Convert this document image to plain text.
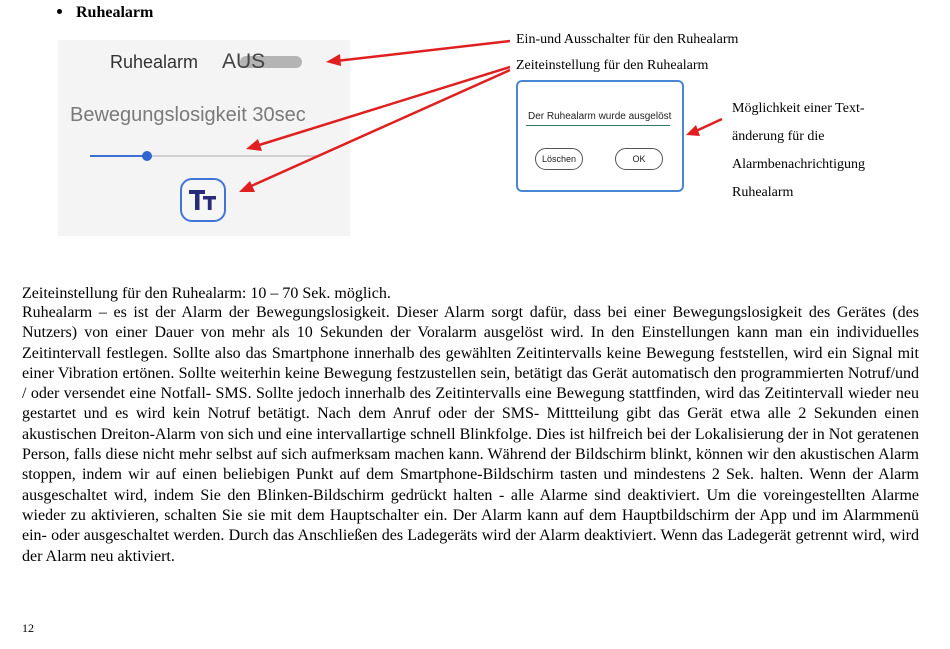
Ruhealarm
Ruhealarm AUS
Bewegungslosigkeit 30sec	Der Ruhealarm wurde ausgelöst
Löschen	OK
Ein-und Ausschalter für den Ruhealarm
Zeiteinstellung für den Ruhealarm
Möglichkeit einer Text-
änderung für die
Alarmbenachrichtigung
Ruhealarm
Zeiteinstellung für den Ruhealarm: 10 – 70 Sek. möglich.
Ruhealarm – es ist der Alarm der Bewegungslosigkeit. Dieser Alarm sorgt dafür, dass bei einer Bewegungslosigkeit des Gerätes (des Nutzers) von einer Dauer von mehr als 10 Sekunden der Voralarm ausgelöst wird. In den Einstellungen kann man ein individuelles Zeitintervall festlegen. Sollte also das Smartphone innerhalb des gewählten Zeitintervalls keine Bewegung feststellen, wird ein Signal mit einer Vibration ertönen. Sollte weiterhin keine Bewegung festzustellen sein, betätigt das Gerät automatisch den programmierten Notruf/und / oder versendet eine Notfall- SMS. Sollte jedoch innerhalb des Zeitintervalls eine Bewegung stattfinden, wird das Zeitintervall wieder neu gestartet und es wird kein Notruf betätigt. Nach dem Anruf oder der SMS- Mittteilung gibt das Gerät etwa alle 2 Sekunden einen akustischen Dreiton-Alarm von sich und eine intervallartige schnell Blinkfolge. Dies ist hilfreich bei der Lokalisierung der in Not geratenen Person, falls diese nicht mehr selbst auf sich aufmerksam machen kann. Während der Bildschirm blinkt, können wir den akustischen Alarm stoppen, indem wir auf einen beliebigen Punkt auf dem Smartphone-Bildschirm tasten und mindestens 2 Sek. halten. Wenn der Alarm ausgeschaltet wird, indem Sie den Blinken-Bildschirm gedrückt halten - alle Alarme sind deaktiviert. Um die voreingestellten Alarme wieder zu aktivieren, schalten Sie sie mit dem Hauptschalter ein. Der Alarm kann auf dem Hauptbildschirm der App und im Alarmmenü ein- oder ausgeschaltet werden. Durch das Anschließen des Ladegeräts wird der Alarm deaktiviert. Wenn das Ladegerät getrennt wird, wird der Alarm neu aktiviert.
12
